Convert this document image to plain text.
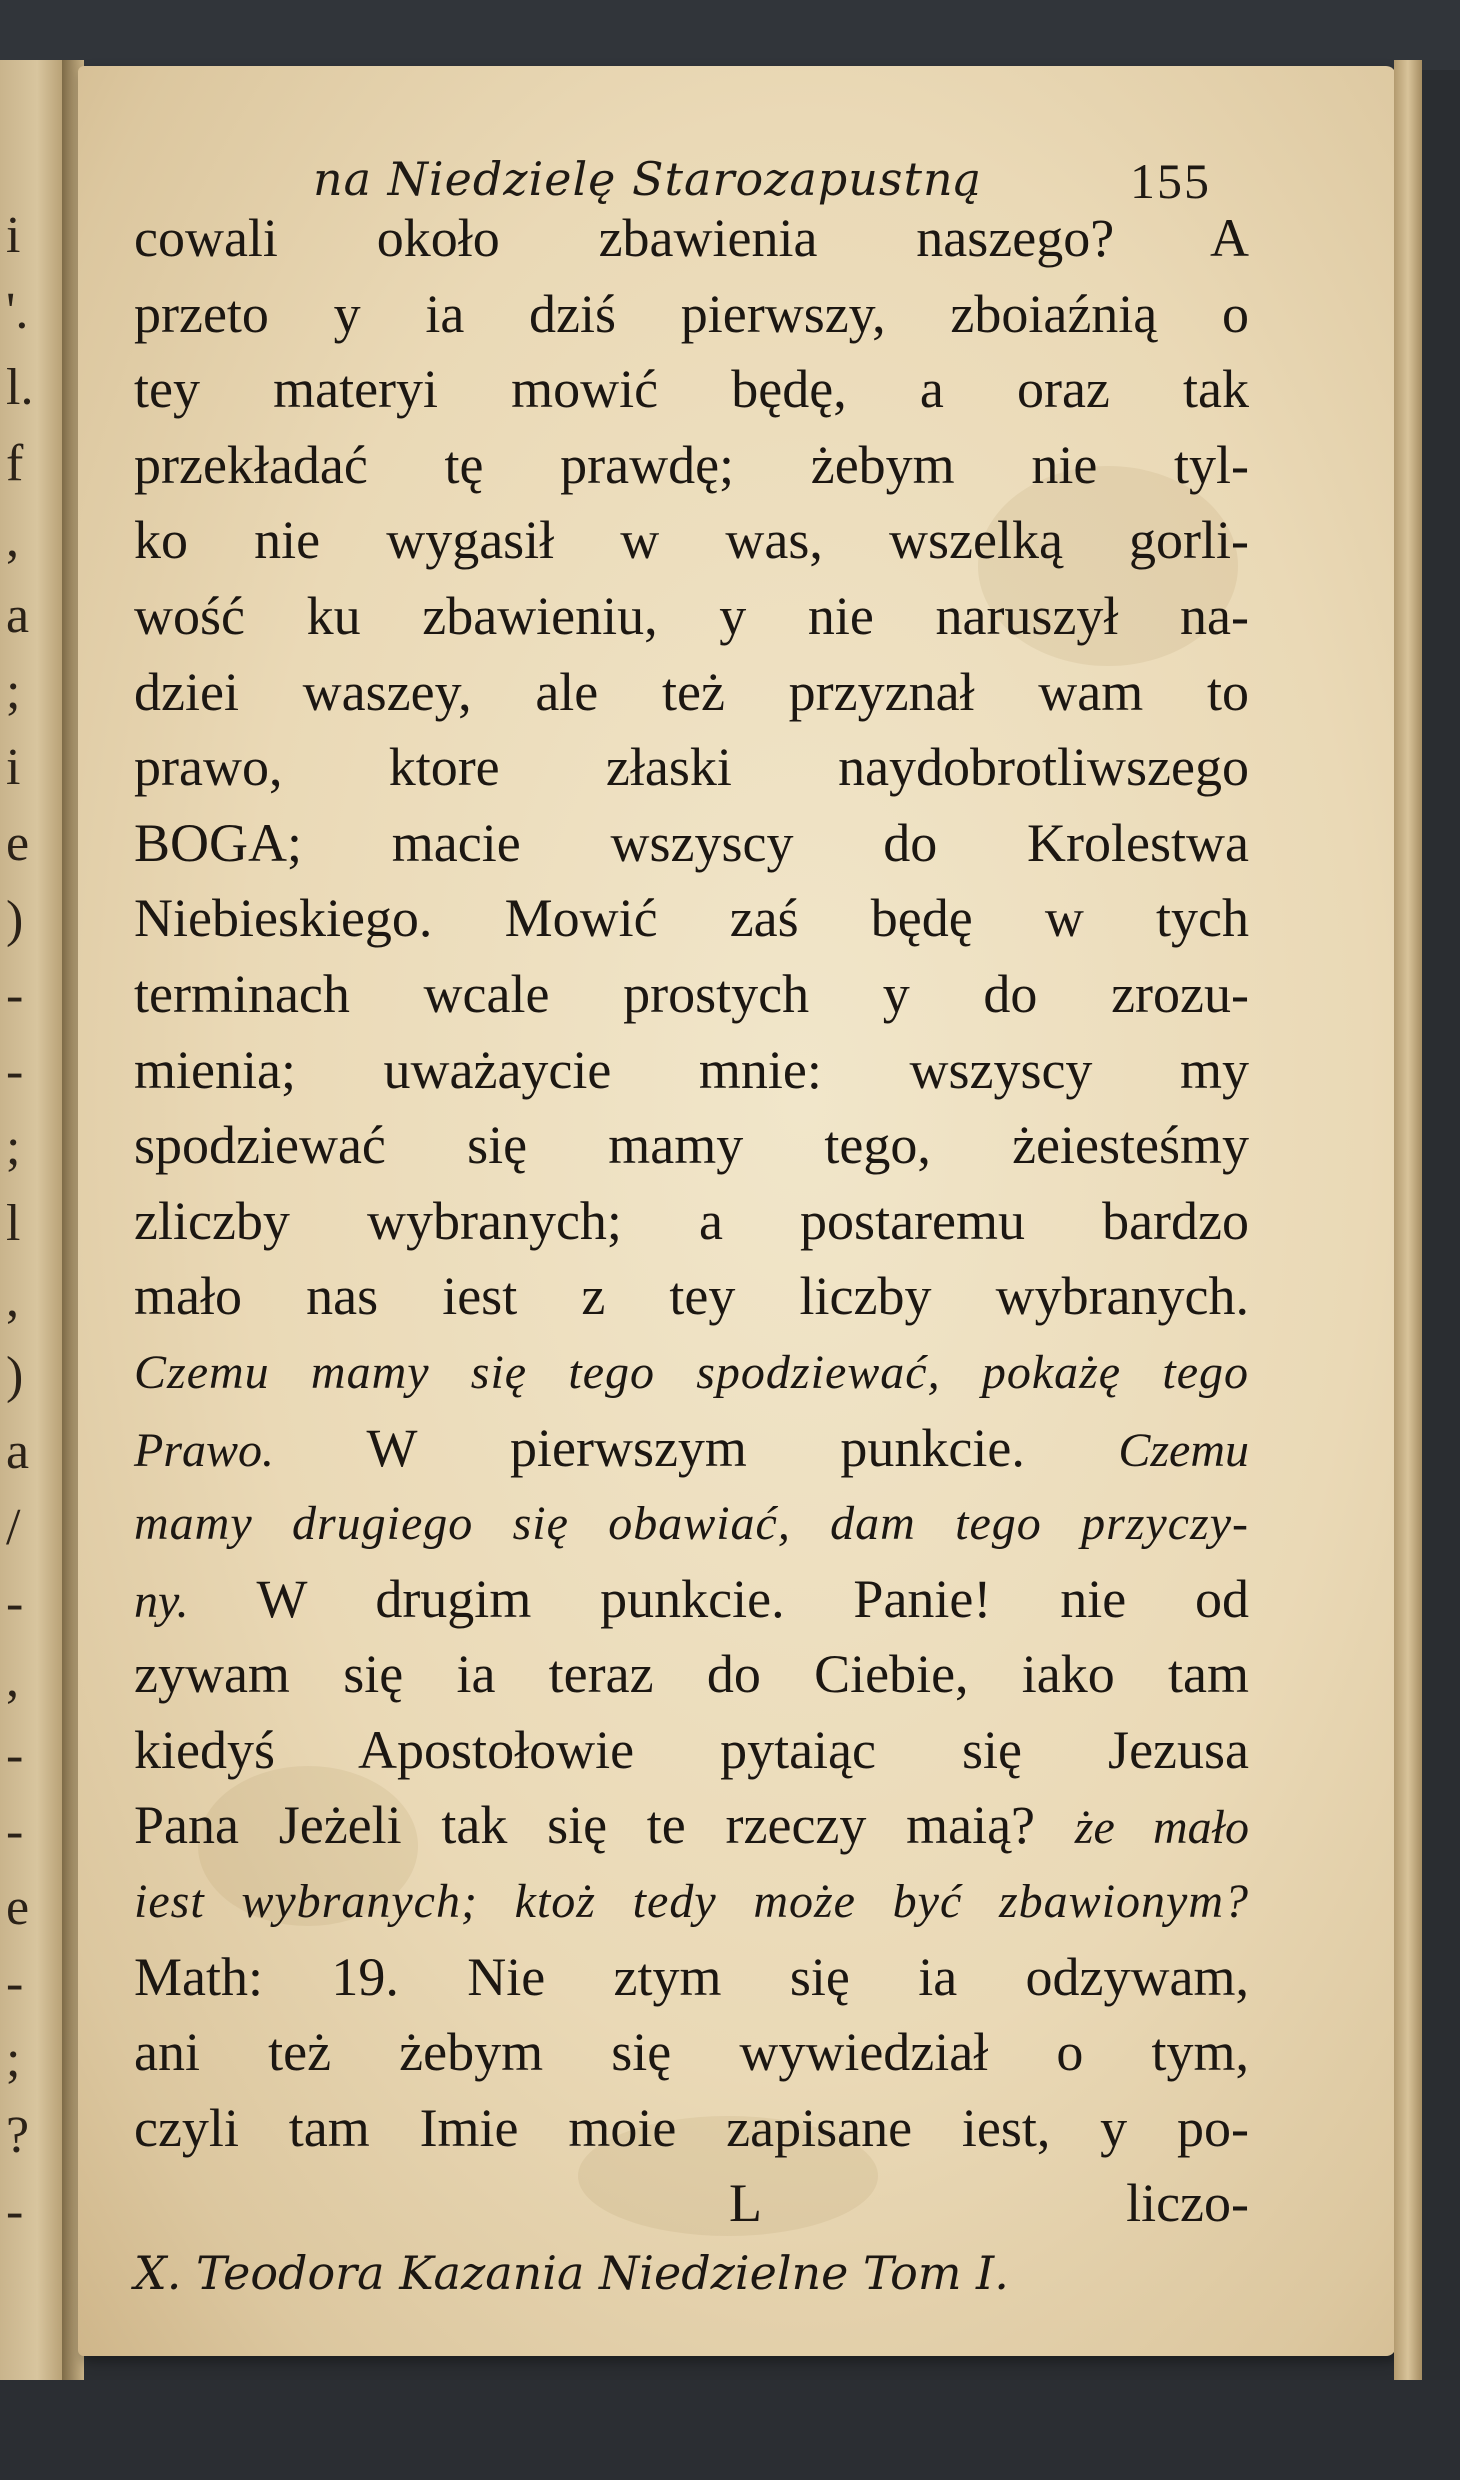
i
'.
l.
f
,
a
;
i
e
)
-
-
;
l
,
)
a
/
-
,
-
-
e
-
;
?
-
na Niedzielę Starozapustną	155
cowali około zbawienia naszego? A
przeto y ia dziś pierwszy, zboiaźnią o
tey materyi mowić będę, a oraz tak
przekładać tę prawdę; żebym nie tyl-
ko nie wygasił w was, wszelką gorli-
wość ku zbawieniu, y nie naruszył na-
dziei waszey, ale też przyznał wam to
prawo, ktore złaski naydobrotliwszego
BOGA; macie wszyscy do Krolestwa
Niebieskiego. Mowić zaś będę w tych
terminach wcale prostych y do zrozu-
mienia; uważaycie mnie: wszyscy my
spodziewać się mamy tego, żeiesteśmy
zliczby wybranych; a postaremu bardzo
mało nas iest z tey liczby wybranych.
Czemu mamy się tego spodziewać, pokażę tego
Prawo. W pierwszym punkcie. Czemu
mamy drugiego się obawiać, dam tego przyczy-
ny. W drugim punkcie. Panie! nie od
zywam się ia teraz do Ciebie, iako tam
kiedyś Apostołowie pytaiąc się Jezusa
Pana Jeżeli tak się te rzeczy maią? że mało
iest wybranych; ktoż tedy może być zbawionym?
Math: 19. Nie ztym się ia odzywam,
ani też żebym się wywiedział o tym,
czyli tam Imie moie zapisane iest, y po-
L	liczo-
X. Teodora Kazania Niedzielne Tom I.
